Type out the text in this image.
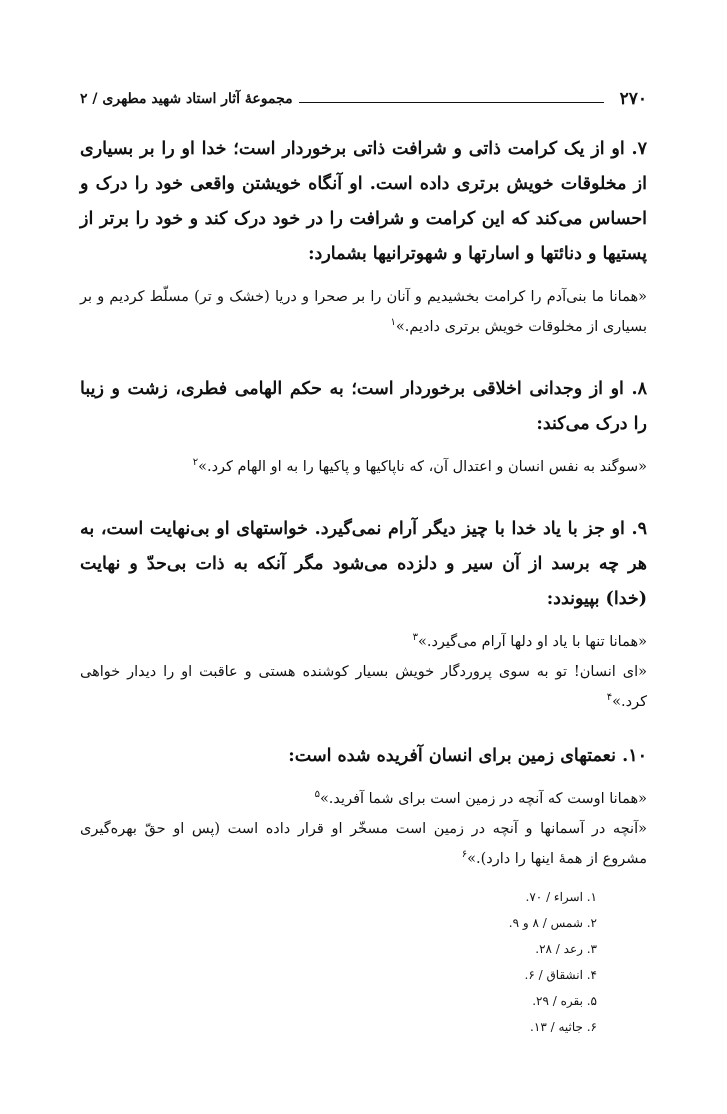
۲۷۰
مجموعهٔ آثار استاد شهید مطهری / ۲

۷. او از یک کرامت ذاتی و شرافت ذاتی برخوردار است؛ خدا او را بر بسیاری از مخلوقات خویش برتری داده است. او آنگاه خویشتن واقعی خود را درک و احساس می‌کند که این کرامت و شرافت را در خود درک کند و خود را برتر از پستیها و دنائتها و اسارتها و شهوترانیها بشمارد:

«همانا ما بنی‌آدم را کرامت بخشیدیم و آنان را بر صحرا و دریا (خشک و تر) مسلّط کردیم و بر بسیاری از مخلوقات خویش برتری دادیم.»$^۱$

۸. او از وجدانی اخلاقی برخوردار است؛ به حکم الهامی فطری، زشت و زیبا را درک می‌کند:

«سوگند به نفس انسان و اعتدال آن، که ناپاکیها و پاکیها را به او الهام کرد.»$^۲$

۹. او جز با یاد خدا با چیز دیگر آرام نمی‌گیرد. خواستهای او بی‌نهایت است، به هر چه برسد از آن سیر و دلزده می‌شود مگر آنکه به ذات بی‌حدّ و نهایت (خدا) بپیوندد:

«همانا تنها با یاد او دلها آرام می‌گیرد.»$^۳$
«ای انسان! تو به سوی پروردگار خویش بسیار کوشنده هستی و عاقبت او را دیدار خواهی کرد.»$^۴$

۱۰. نعمتهای زمین برای انسان آفریده شده است:

«همانا اوست که آنچه در زمین است برای شما آفرید.»$^۵$
«آنچه در آسمانها و آنچه در زمین است مسخّر او قرار داده است (پس او حقّ بهره‌گیری مشروع از همهٔ اینها را دارد).»$^۶$

۱. اسراء / ۷۰.
۲. شمس / ۸ و ۹.
۳. رعد / ۲۸.
۴. انشقاق / ۶.
۵. بقره / ۲۹.
۶. جاثیه / ۱۳.
